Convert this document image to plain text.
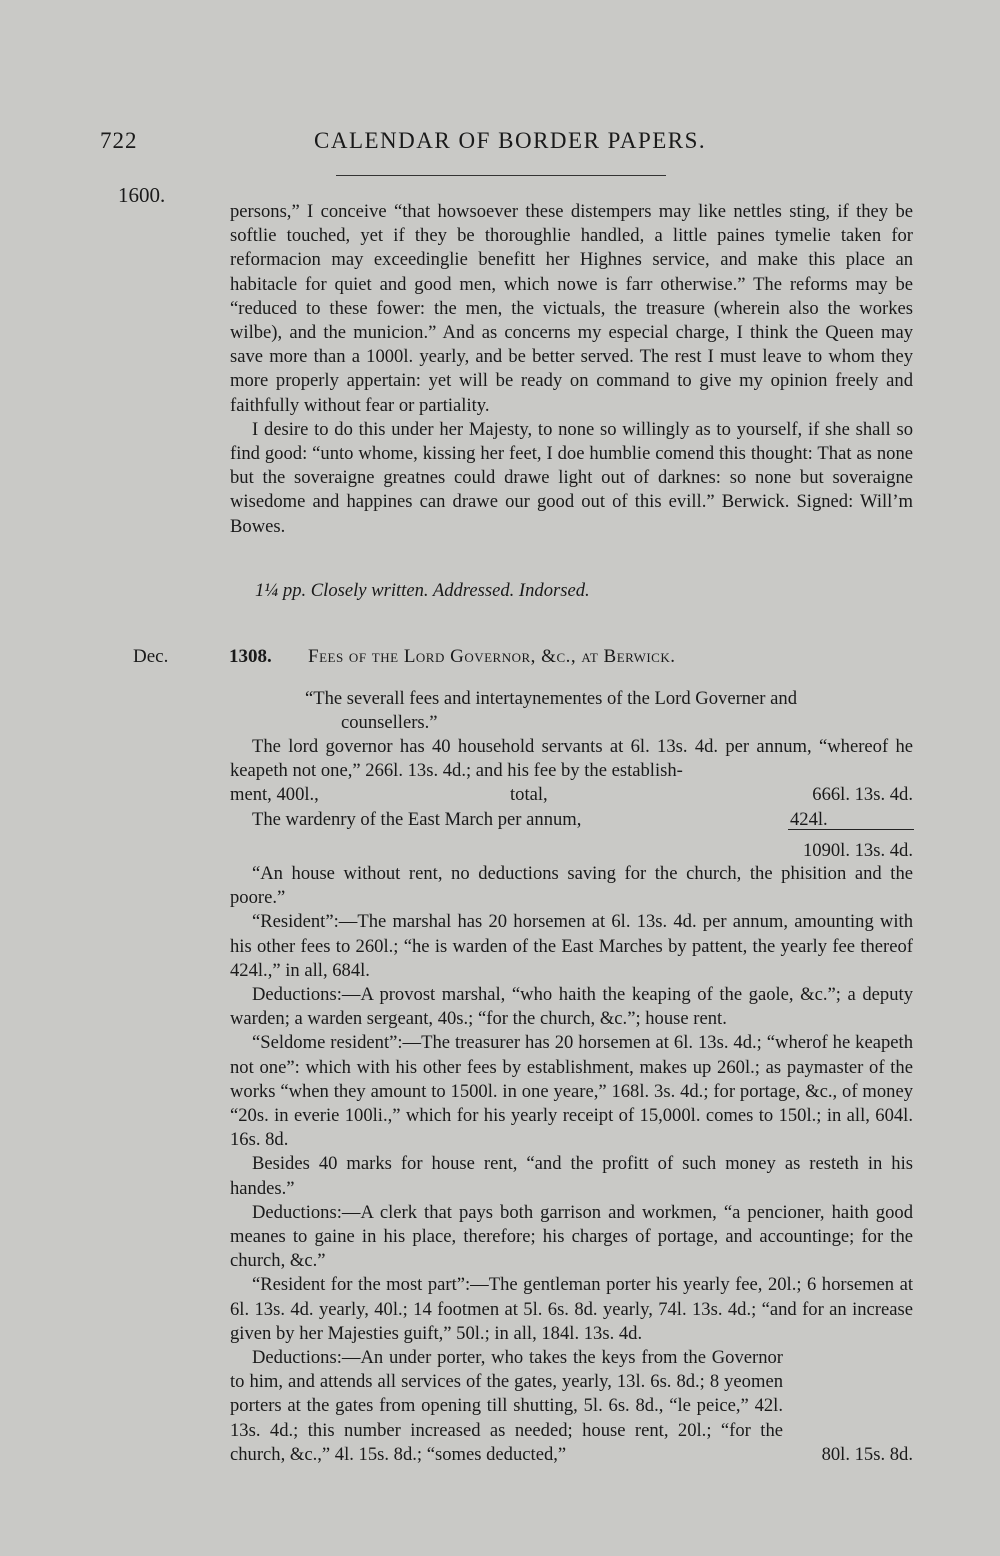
722	CALENDAR OF BORDER PAPERS.
1600.

persons,” I conceive “that howsoever these distempers may like nettles sting, if they be softlie touched, yet if they be thoroughlie handled, a little paines tymelie taken for reformacion may exceedinglie benefitt her Highnes service, and make this place an habitacle for quiet and good men, which nowe is farr otherwise.” The reforms may be “reduced to these fower: the men, the victuals, the treasure (wherein also the workes wilbe), and the municion.” And as concerns my especial charge, I think the Queen may save more than a 1000l. yearly, and be better served. The rest I must leave to whom they more properly appertain: yet will be ready on command to give my opinion freely and faithfully without fear or partiality.

I desire to do this under her Majesty, to none so willingly as to yourself, if she shall so find good: “unto whome, kissing her feet, I doe humblie comend this thought: That as none but the soveraigne greatnes could drawe light out of darknes: so none but soveraigne wisedome and happines can drawe our good out of this evill.” Berwick. Signed: Will’m Bowes.

1¼ pp. Closely written. Addressed. Indorsed.
Dec.	1308. Fees of the Lord Governor, &c., at Berwick.
“The severall fees and intertaynementes of the Lord Governer and
counsellers.”

The lord governor has 40 household servants at 6l. 13s. 4d. per annum, “whereof he keapeth not one,” 266l. 13s. 4d.; and his fee by the establish-

ment, 400l.,	total,	666l. 13s. 4d.
The wardenry of the East March per annum,	424l.
1090l. 13s. 4d.

“An house without rent, no deductions saving for the church, the phisition and the poore.”

“Resident”:—The marshal has 20 horsemen at 6l. 13s. 4d. per annum, amounting with his other fees to 260l.; “he is warden of the East Marches by pattent, the yearly fee thereof 424l.,” in all, 684l.

Deductions:—A provost marshal, “who haith the keaping of the gaole, &c.”; a deputy warden; a warden sergeant, 40s.; “for the church, &c.”; house rent.

“Seldome resident”:—The treasurer has 20 horsemen at 6l. 13s. 4d.; “wherof he keapeth not one”: which with his other fees by establishment, makes up 260l.; as paymaster of the works “when they amount to 1500l. in one yeare,” 168l. 3s. 4d.; for portage, &c., of money “20s. in everie 100li.,” which for his yearly receipt of 15,000l. comes to 150l.; in all, 604l. 16s. 8d.

Besides 40 marks for house rent, “and the profitt of such money as resteth in his handes.”

Deductions:—A clerk that pays both garrison and workmen, “a pencioner, haith good meanes to gaine in his place, therefore; his charges of portage, and accountinge; for the church, &c.”

“Resident for the most part”:—The gentleman porter his yearly fee, 20l.; 6 horsemen at 6l. 13s. 4d. yearly, 40l.; 14 footmen at 5l. 6s. 8d. yearly, 74l. 13s. 4d.; “and for an increase given by her Majesties guift,” 50l.; in all, 184l. 13s. 4d.

Deductions:—An under porter, who takes the keys from the Governor to him, and attends all services of the gates, yearly, 13l. 6s. 8d.; 8 yeomen porters at the gates from opening till shutting, 5l. 6s. 8d., “le peice,” 42l. 13s. 4d.; this number increased as needed; house rent, 20l.; “for the church, &c.,” 4l. 15s. 8d.; “somes deducted,”	80l. 15s. 8d.
